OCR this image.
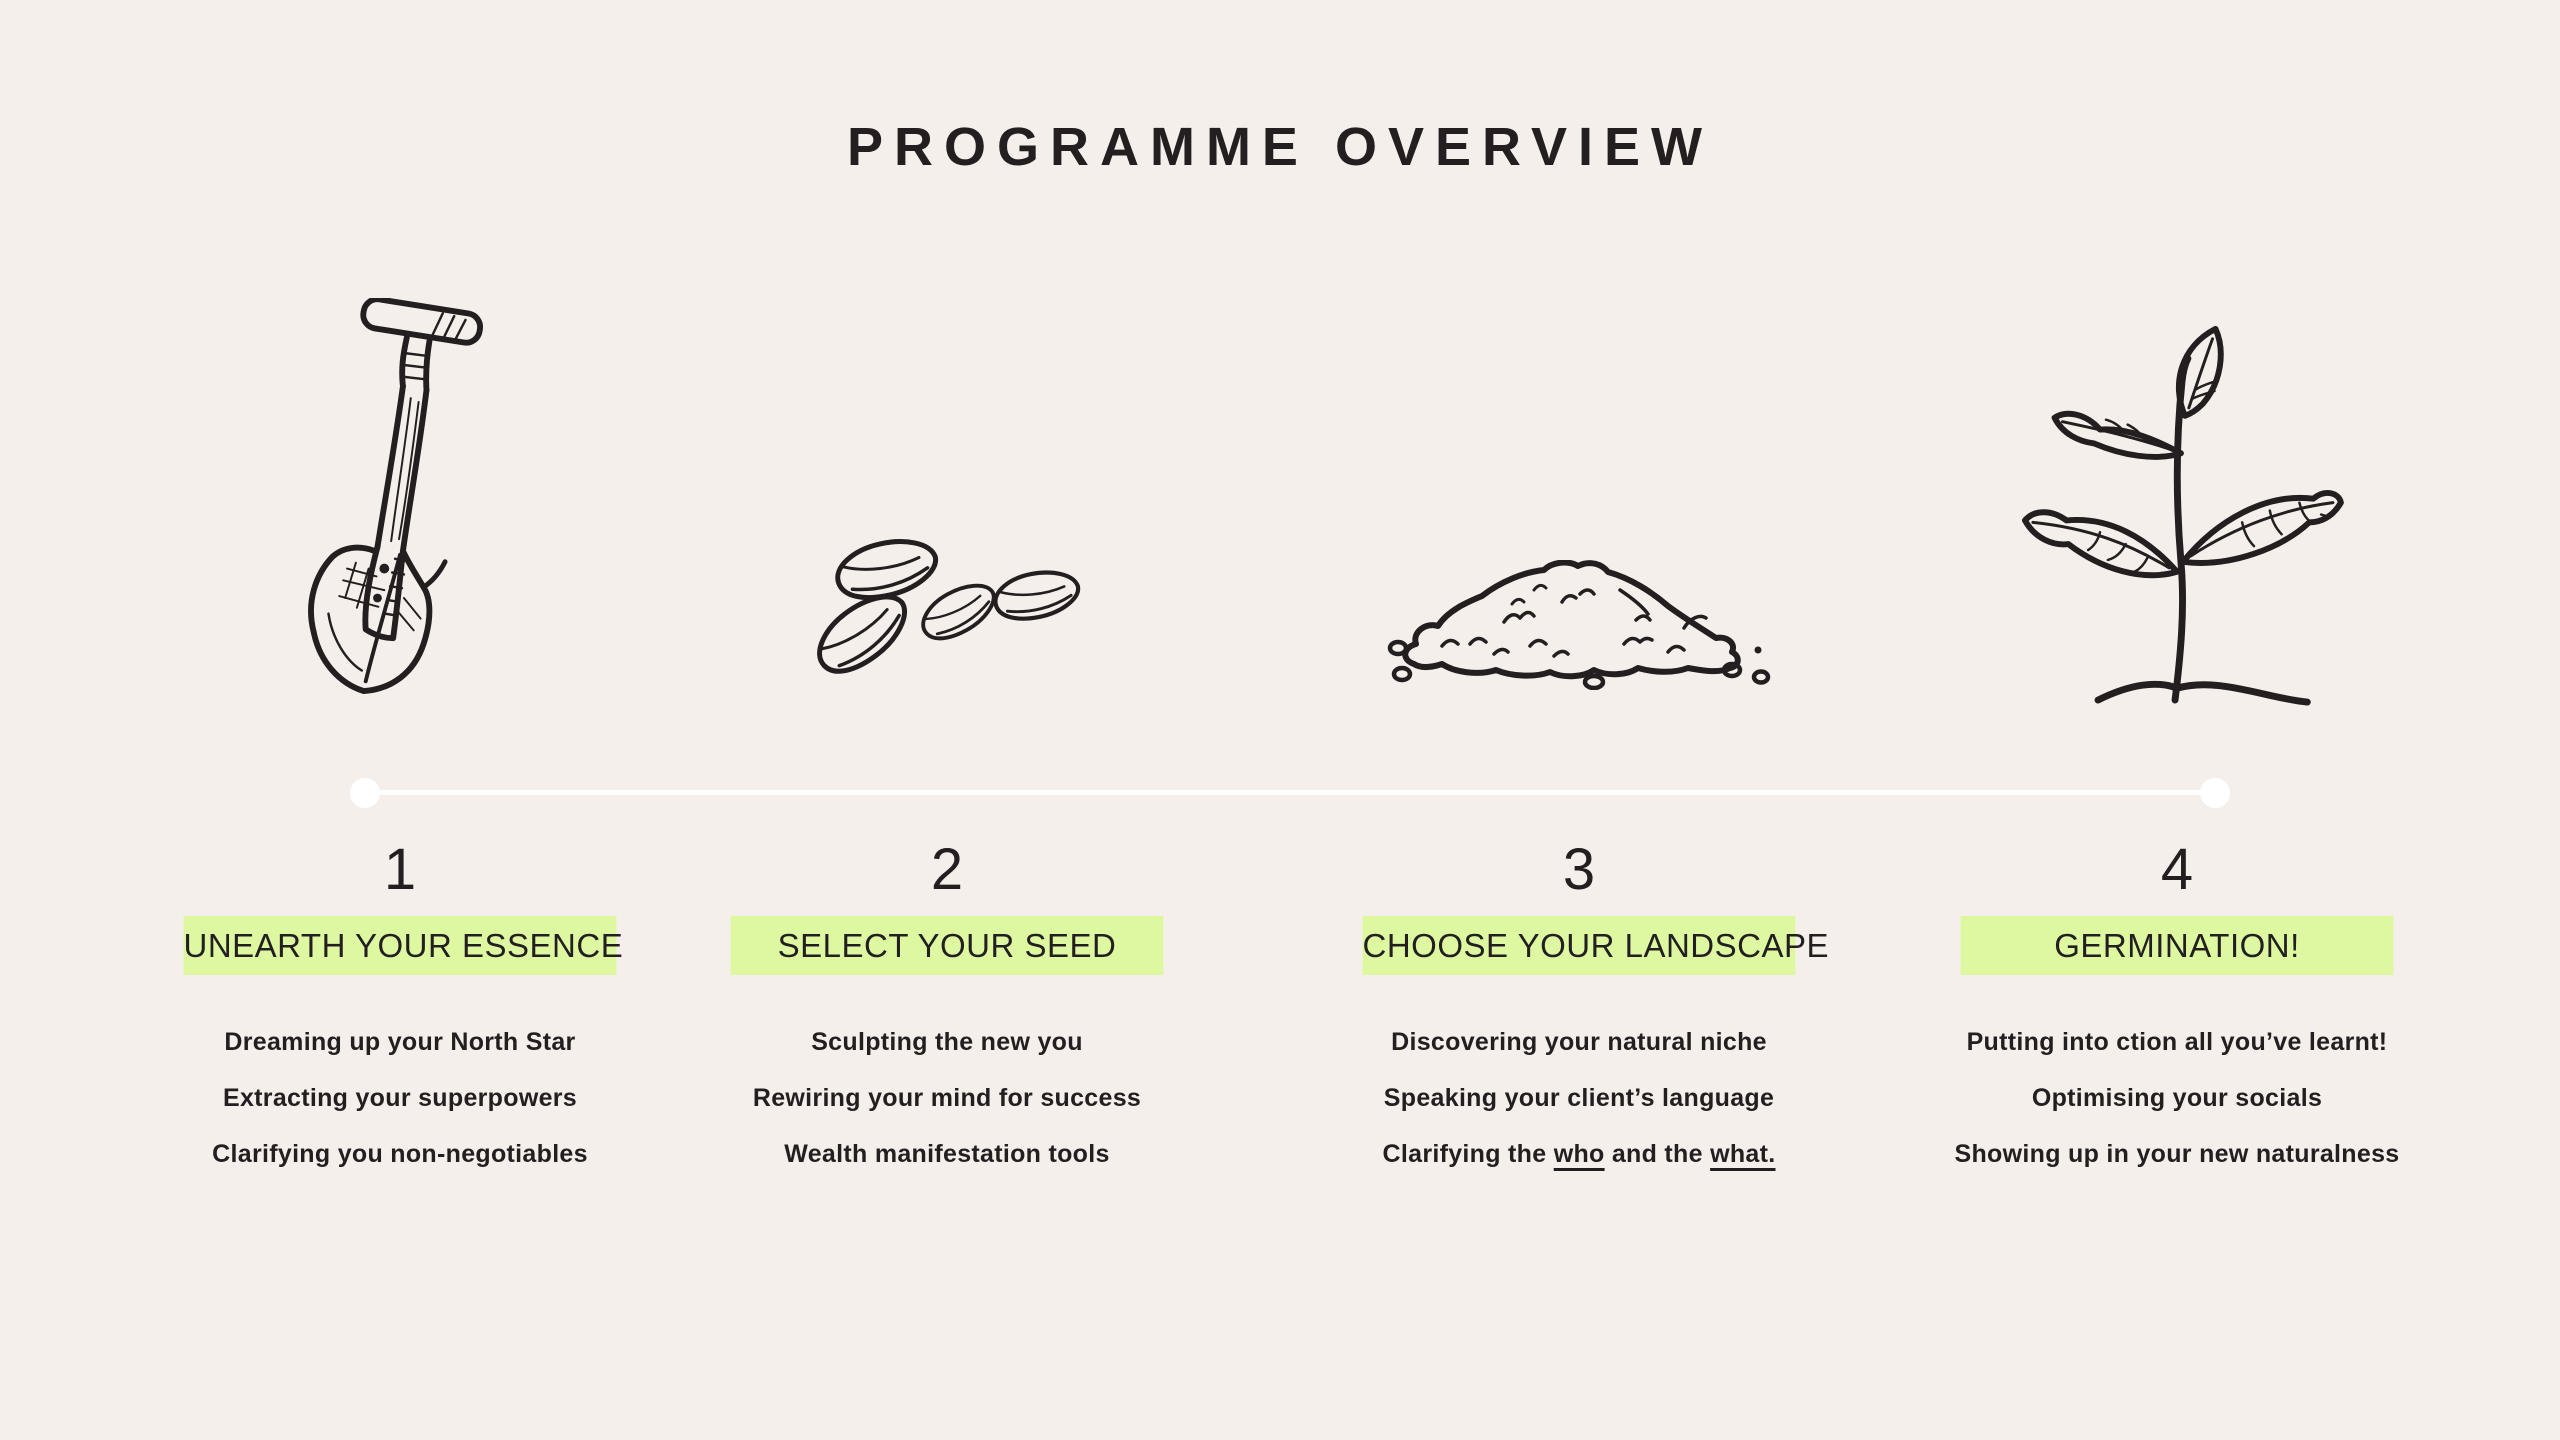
PROGRAMME OVERVIEW
1
UNEARTH YOUR ESSENCE
Dreaming up your North Star
Extracting your superpowers
Clarifying you non-negotiables
2
SELECT YOUR SEED
Sculpting the new you
Rewiring your mind for success
Wealth manifestation tools
3
CHOOSE YOUR LANDSCAPE
Discovering your natural niche
Speaking your client’s language
Clarifying the who and the what.
4
GERMINATION!
Putting into ction all you’ve learnt!
Optimising your socials
Showing up in your new naturalness
